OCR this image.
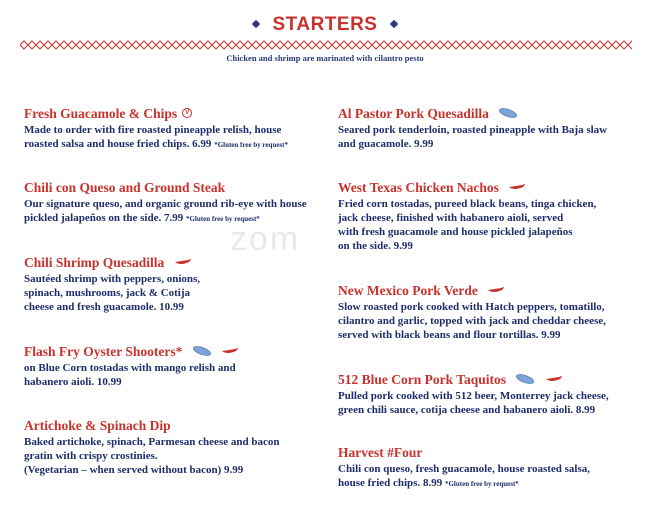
STARTERS
Chicken and shrimp are marinated with cilantro pesto
zom
Fresh Guacamole & Chips V
Made to order with fire roasted pineapple relish, house
roasted salsa and house fried chips. 6.99 *Gluten free by request*
Chili con Queso and Ground Steak
Our signature queso, and organic ground rib-eye with house
pickled jalapeños on the side. 7.99 *Gluten free by request*
Chili Shrimp Quesadilla
Sautéed shrimp with peppers, onions,
spinach, mushrooms, jack & Cotija
cheese and fresh guacamole. 10.99
Flash Fry Oyster Shooters*
on Blue Corn tostadas with mango relish and
habanero aioli. 10.99
Artichoke & Spinach Dip
Baked artichoke, spinach, Parmesan cheese and bacon
gratin with crispy crostinies.
(Vegetarian – when served without bacon) 9.99
Al Pastor Pork Quesadilla
Seared pork tenderloin, roasted pineapple with Baja slaw
and guacamole. 9.99
West Texas Chicken Nachos
Fried corn tostadas, pureed black beans, tinga chicken,
jack cheese, finished with habanero aioli, served
with fresh guacamole and house pickled jalapeños
on the side. 9.99
New Mexico Pork Verde
Slow roasted pork cooked with Hatch peppers, tomatillo,
cilantro and garlic, topped with jack and cheddar cheese,
served with black beans and flour tortillas. 9.99
512 Blue Corn Pork Taquitos
Pulled pork cooked with 512 beer, Monterrey jack cheese,
green chili sauce, cotija cheese and habanero aioli. 8.99
Harvest #Four
Chili con queso, fresh guacamole, house roasted salsa,
house fried chips. 8.99 *Gluten free by request*
